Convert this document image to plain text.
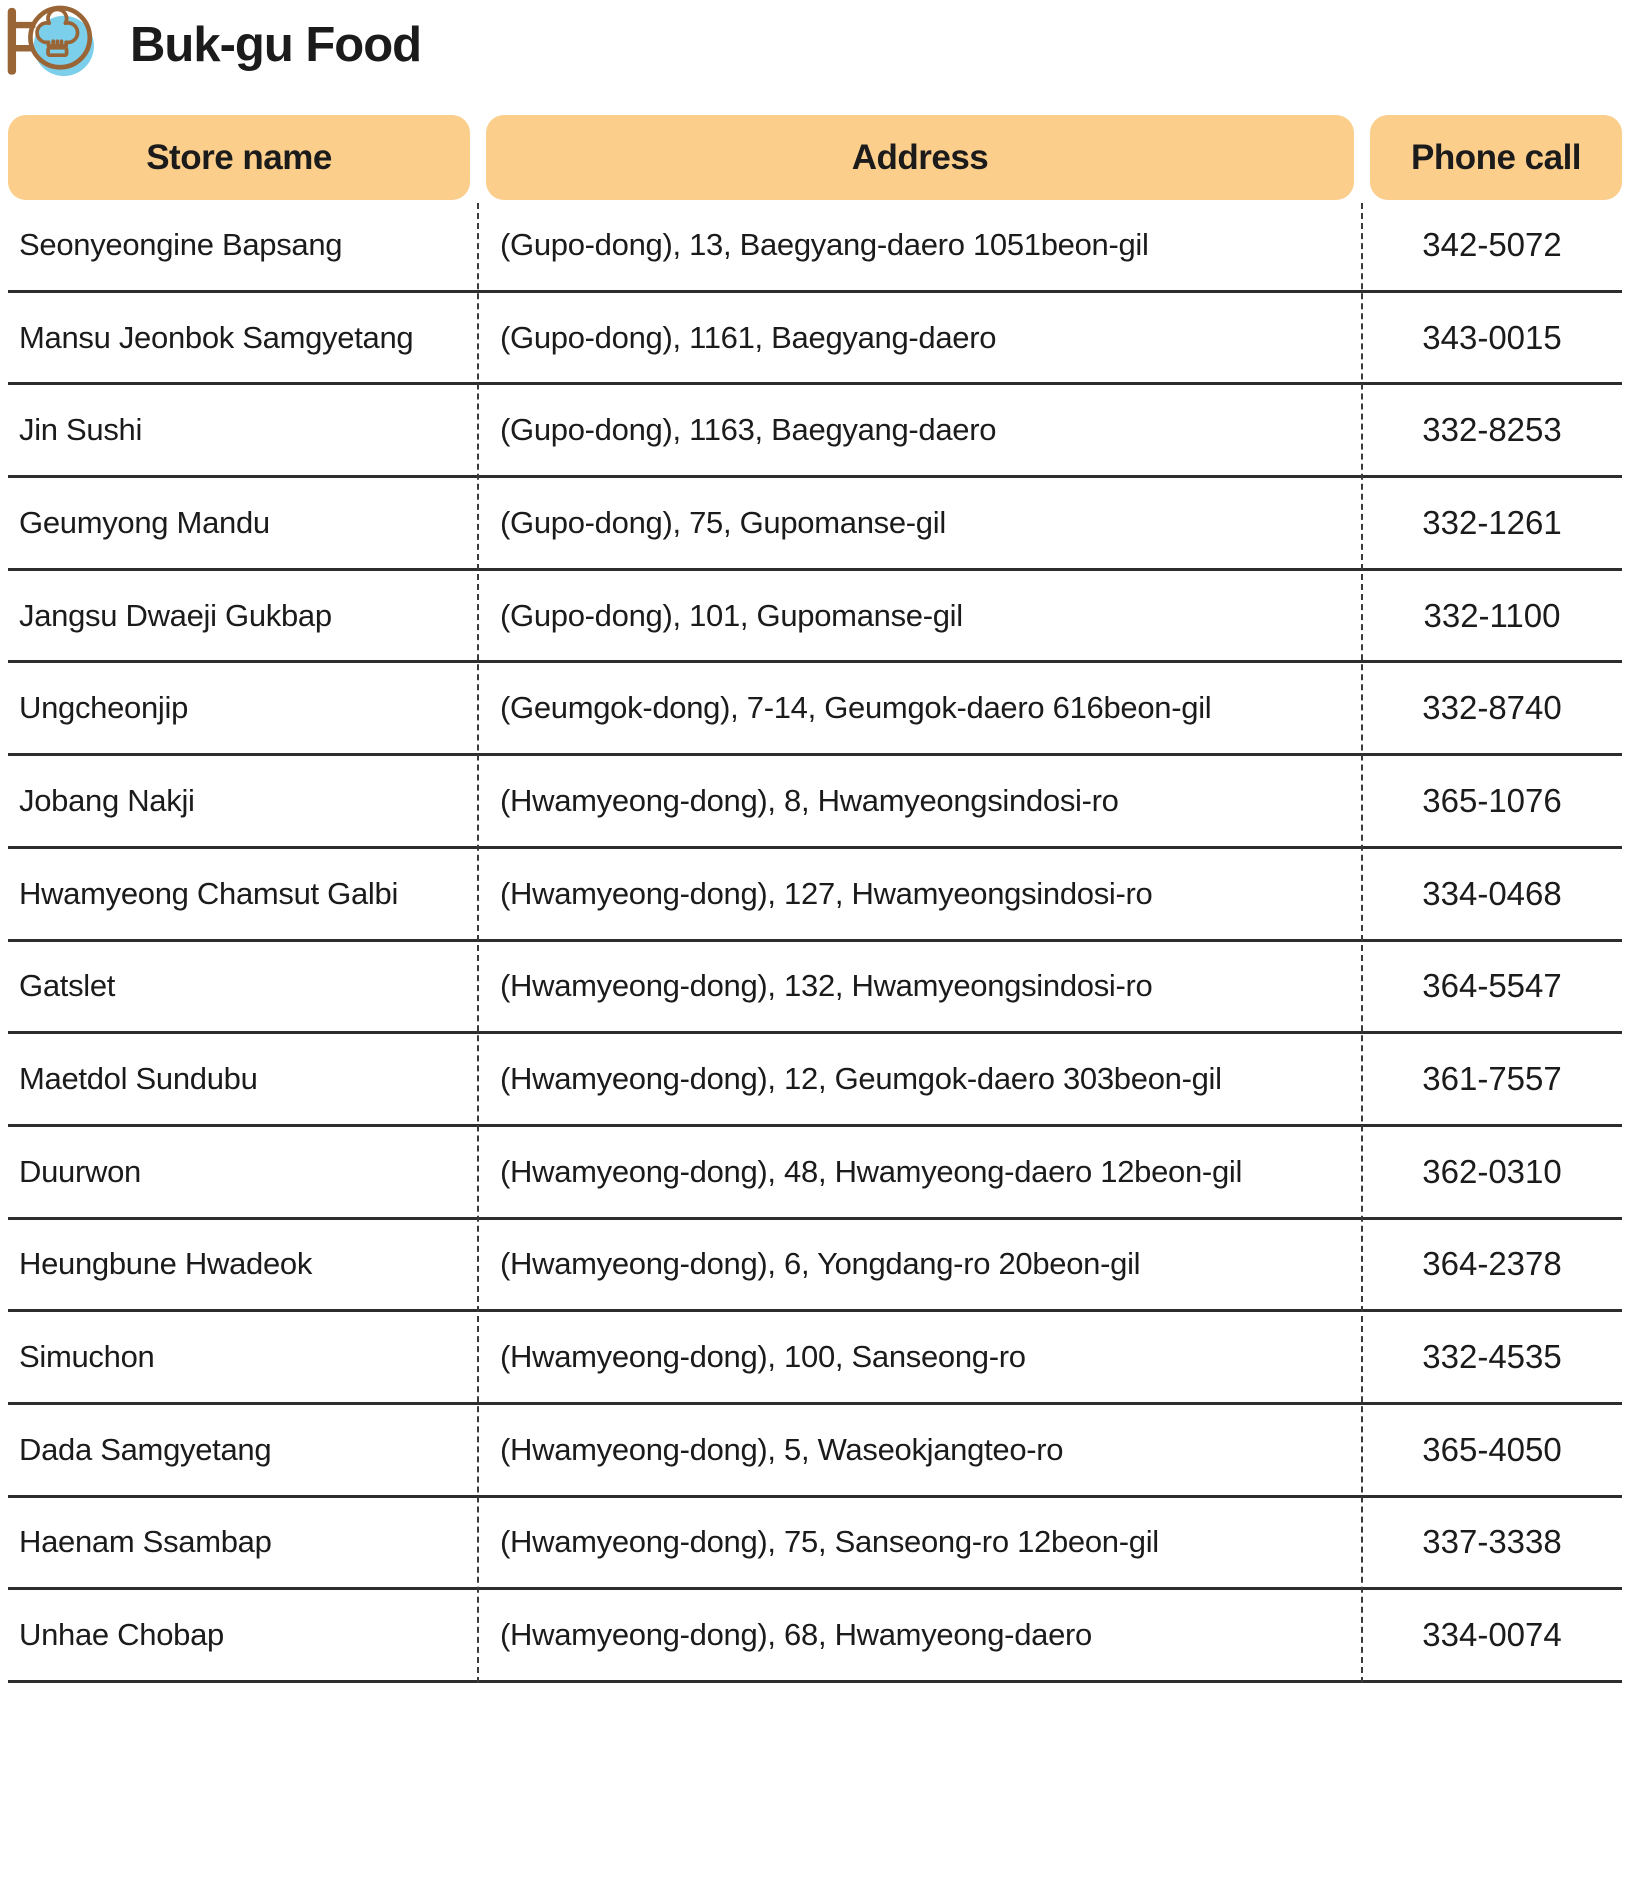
Buk-gu Food
Store name	Address	Phone call
Seonyeongine Bapsang	(Gupo-dong), 13, Baegyang-daero 1051beon-gil	342-5072
Mansu Jeonbok Samgyetang	(Gupo-dong), 1161, Baegyang-daero	343-0015
Jin Sushi	(Gupo-dong), 1163, Baegyang-daero	332-8253
Geumyong Mandu	(Gupo-dong), 75, Gupomanse-gil	332-1261
Jangsu Dwaeji Gukbap	(Gupo-dong), 101, Gupomanse-gil	332-1100
Ungcheonjip	(Geumgok-dong), 7-14, Geumgok-daero 616beon-gil	332-8740
Jobang Nakji	(Hwamyeong-dong), 8, Hwamyeongsindosi-ro	365-1076
Hwamyeong Chamsut Galbi	(Hwamyeong-dong), 127, Hwamyeongsindosi-ro	334-0468
Gatslet	(Hwamyeong-dong), 132, Hwamyeongsindosi-ro	364-5547
Maetdol Sundubu	(Hwamyeong-dong), 12, Geumgok-daero 303beon-gil	361-7557
Duurwon	(Hwamyeong-dong), 48, Hwamyeong-daero 12beon-gil	362-0310
Heungbune Hwadeok	(Hwamyeong-dong), 6, Yongdang-ro 20beon-gil	364-2378
Simuchon	(Hwamyeong-dong), 100, Sanseong-ro	332-4535
Dada Samgyetang	(Hwamyeong-dong), 5, Waseokjangteo-ro	365-4050
Haenam Ssambap	(Hwamyeong-dong), 75, Sanseong-ro 12beon-gil	337-3338
Unhae Chobap	(Hwamyeong-dong), 68, Hwamyeong-daero	334-0074
